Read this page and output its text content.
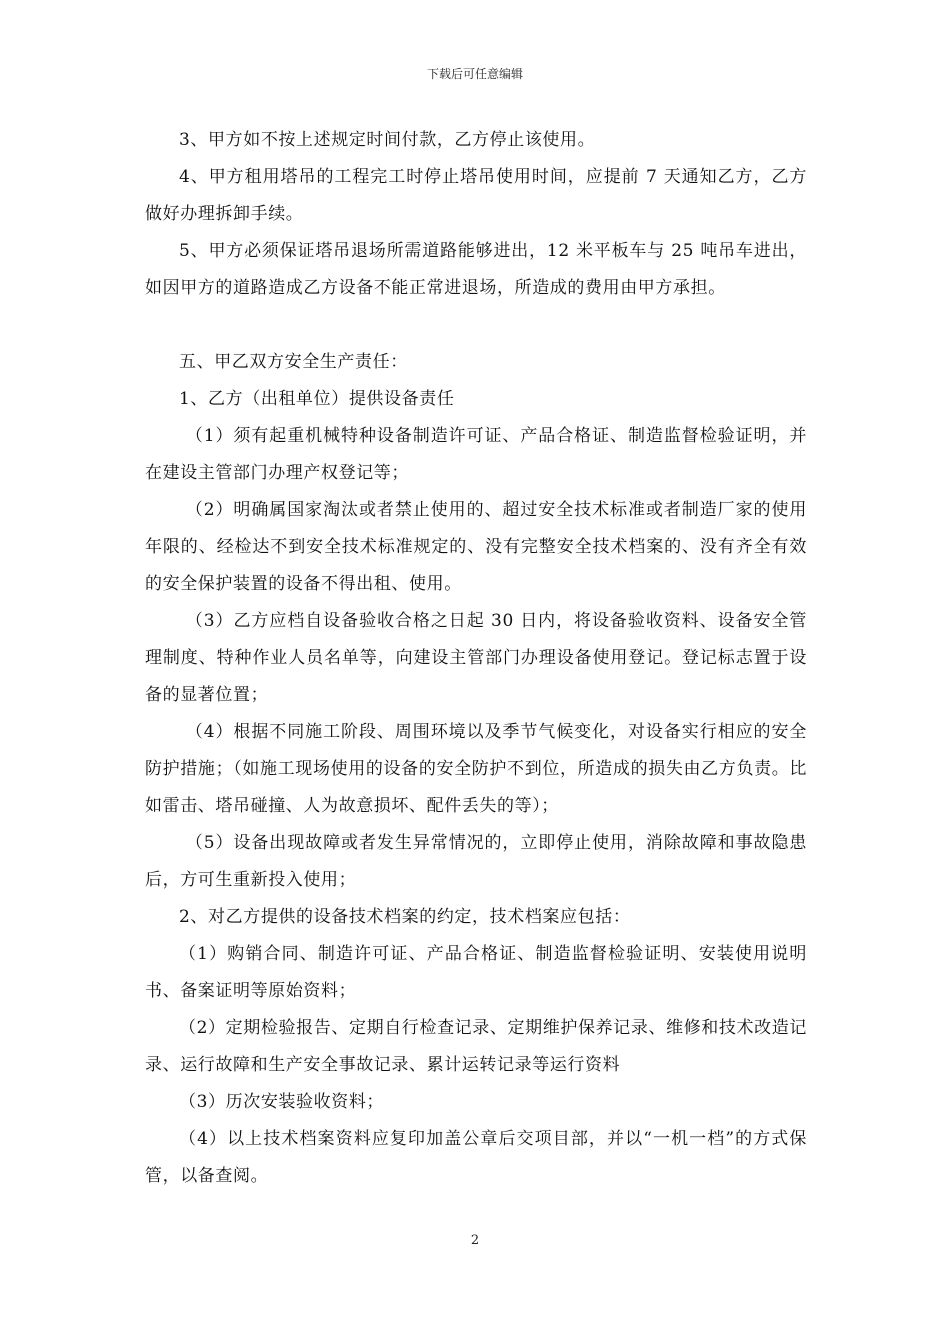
下载后可任意编辑

3、甲方如不按上述规定时间付款，乙方停止该使用。

4、甲方租用塔吊的工程完工时停止塔吊使用时间，应提前 7 天通知乙方，乙方做好办理拆卸手续。

5、甲方必须保证塔吊退场所需道路能够进出，12 米平板车与 25 吨吊车进出，如因甲方的道路造成乙方设备不能正常进退场，所造成的费用由甲方承担。

五、甲乙双方安全生产责任：

1、乙方（出租单位）提供设备责任

（1）须有起重机械特种设备制造许可证、产品合格证、制造监督检验证明，并在建设主管部门办理产权登记等；

（2）明确属国家淘汰或者禁止使用的、超过安全技术标准或者制造厂家的使用年限的、经检达不到安全技术标准规定的、没有完整安全技术档案的、没有齐全有效的安全保护装置的设备不得出租、使用。

（3）乙方应档自设备验收合格之日起 30 日内，将设备验收资料、设备安全管理制度、特种作业人员名单等，向建设主管部门办理设备使用登记。登记标志置于设备的显著位置；

（4）根据不同施工阶段、周围环境以及季节气候变化，对设备实行相应的安全防护措施；（如施工现场使用的设备的安全防护不到位，所造成的损失由乙方负责。比如雷击、塔吊碰撞、人为故意损坏、配件丢失的等）；

（5）设备出现故障或者发生异常情况的，立即停止使用，消除故障和事故隐患后，方可生重新投入使用；

2、对乙方提供的设备技术档案的约定，技术档案应包括：

（1）购销合同、制造许可证、产品合格证、制造监督检验证明、安装使用说明书、备案证明等原始资料；

（2）定期检验报告、定期自行检查记录、定期维护保养记录、维修和技术改造记录、运行故障和生产安全事故记录、累计运转记录等运行资料

（3）历次安装验收资料；

（4）以上技术档案资料应复印加盖公章后交项目部，并以“一机一档”的方式保管，以备查阅。

2
